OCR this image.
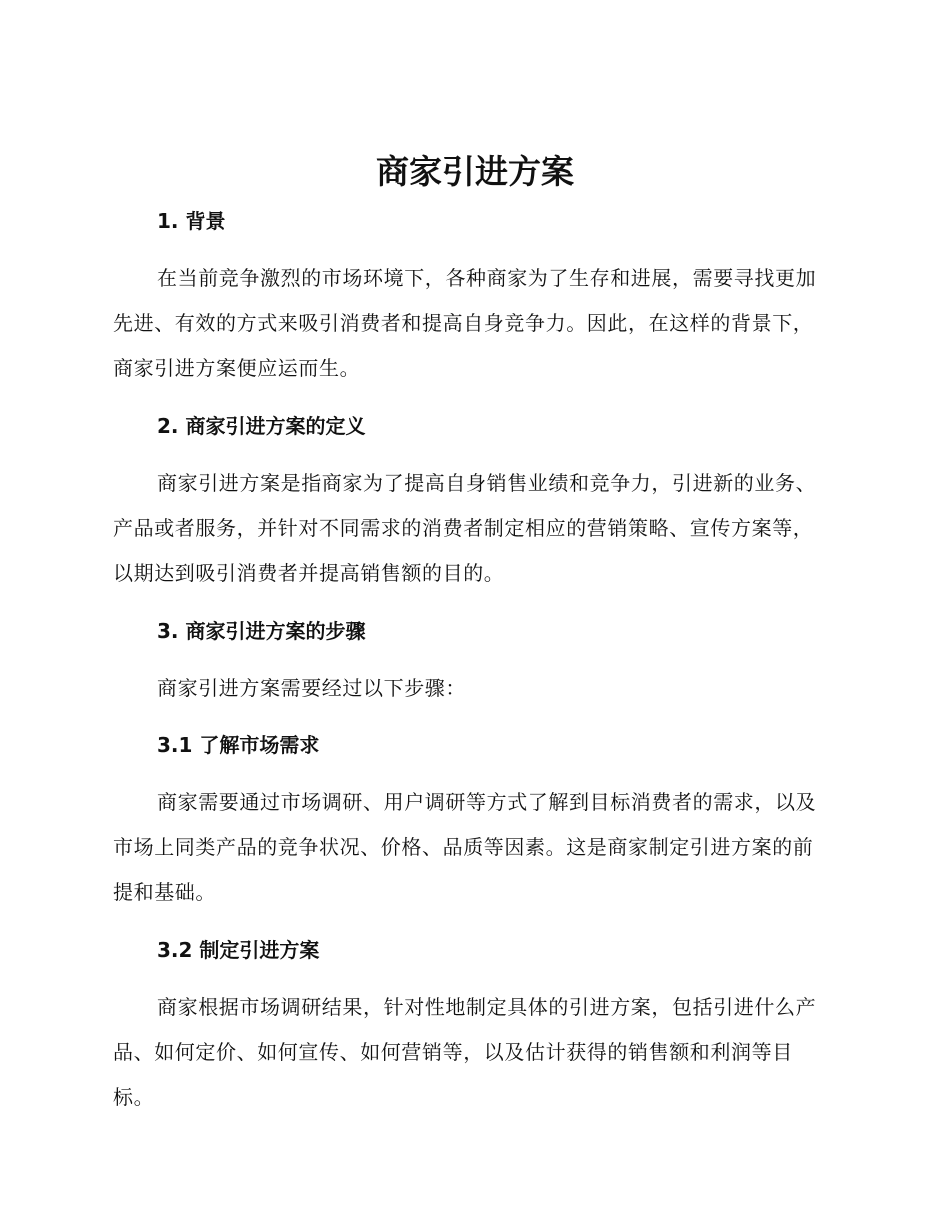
商家引进方案
1. 背景

在当前竞争激烈的市场环境下，各种商家为了生存和进展，需要寻找更加先进、有效的方式来吸引消费者和提高自身竞争力。因此，在这样的背景下，商家引进方案便应运而生。

2. 商家引进方案的定义

商家引进方案是指商家为了提高自身销售业绩和竞争力，引进新的业务、产品或者服务，并针对不同需求的消费者制定相应的营销策略、宣传方案等，以期达到吸引消费者并提高销售额的目的。

3. 商家引进方案的步骤

商家引进方案需要经过以下步骤：

3.1 了解市场需求

商家需要通过市场调研、用户调研等方式了解到目标消费者的需求，以及市场上同类产品的竞争状况、价格、品质等因素。这是商家制定引进方案的前提和基础。

3.2 制定引进方案

商家根据市场调研结果，针对性地制定具体的引进方案，包括引进什么产品、如何定价、如何宣传、如何营销等，以及估计获得的销售额和利润等目标。
